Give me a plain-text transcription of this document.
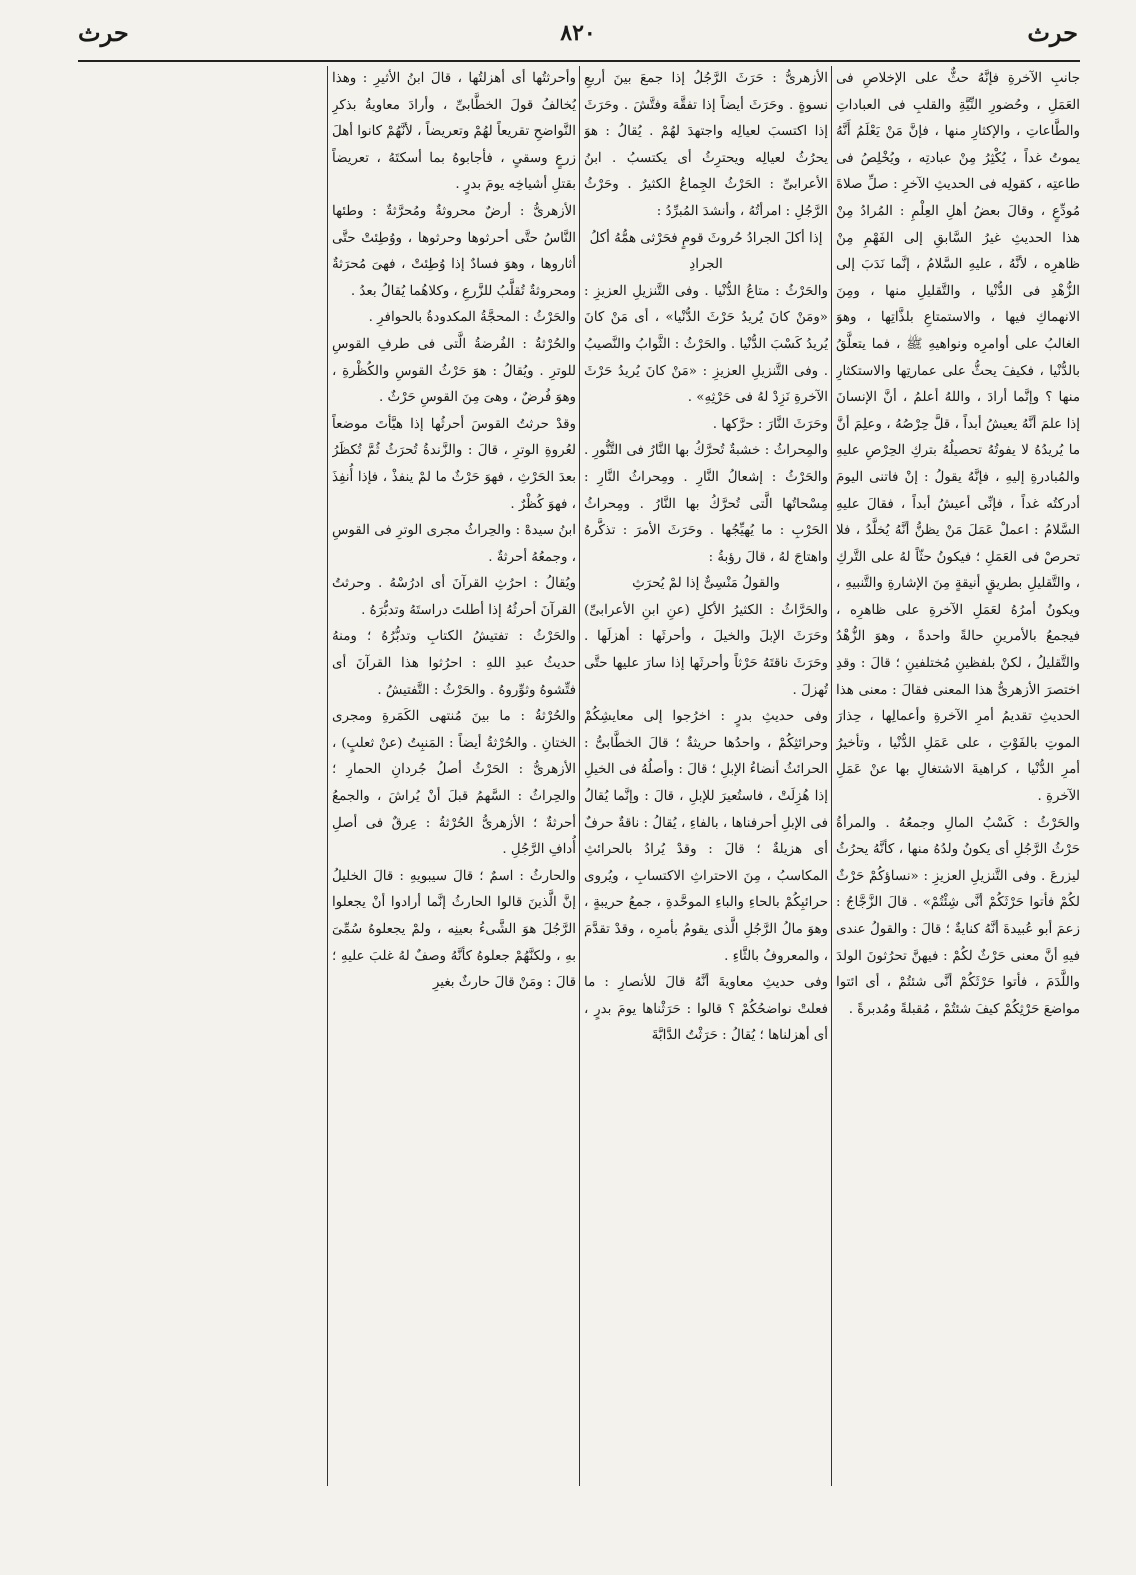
حرث
٨٢٠
حرث

جانبِ الآخرةِ فإنَّهُ حثٌّ على الإخلاصِ فى العَمَلِ ، وحُضورِ النِّيَّةِ والقلبِ فى العباداتِ والطَّاعاتِ ، والإكثارِ منها ، فإنَّ مَنْ يَعْلَمُ أَنَّهُ يموتُ غداً ، يُكْثِرُ مِنْ عبادتِه ، ويُخْلِصُ فى طاعتِه ، كقولِه فى الحديثِ الآخرِ : صلِّ صلاةَ مُودِّعٍ ، وقالَ بعضُ أهلِ العِلْمِ : المُرادُ مِنْ هذا الحديثِ غيرُ السَّابقِ إلى الفَهْمِ مِنْ ظاهرِه ، لأنَّهُ ، عليهِ السَّلامُ ، إنَّما نَدَبَ إلى الزُّهْدِ فى الدُّنْيا ، والتَّقليلِ منها ، ومِنَ الانهماكِ فيها ، والاستمتاعِ بلذَّاتِها ، وهوَ الغالبُ على أوامرِه ونواهيهِ ﷺ ، فما يتعلَّقُ بالدُّنْيا ، فكيفَ يحثُّ على عمارتِها والاستكثارِ منها ؟ وإنَّما أرادَ ، واللهُ أعلمُ ، أنَّ الإنسانَ إذا علمَ أنَّهُ يعيشُ أبداً ، قلَّ حِرْصُهُ ، وعلِمَ أنَّ ما يُريدُهُ لا يفوتُهُ تحصيلُهُ بتركِ الحِرْصِ عليهِ والمُبادرةِ إليهِ ، فإنَّهُ يقولُ : إنْ فاتنى اليومَ أدركتُه غداً ، فإنِّى أعيشُ أبداً ، فقالَ عليهِ السَّلامُ : اعملْ عَمَلَ مَنْ يظنُّ أنَّهُ يُخلَّدُ ، فلا تحرصْ فى العَمَلِ ؛ فيكونُ حثّاً لهُ على التَّركِ ، والتَّقليلِ بطريقٍ أنيقةٍ مِنَ الإشارةِ والتَّنبيهِ ، ويكونُ أمرُهُ لعَمَلِ الآخرةِ على ظاهرِه ، فيجمعُ بالأمرينِ حالةً واحدةً ، وهوَ الزُّهْدُ والتَّقليلُ ، لكنْ بلفظينِ مُختلفينِ ؛ قالَ : وقدِ اختصرَ الأزهرىُّ هذا المعنى فقالَ : معنى هذا الحديثِ تقديمُ أمرِ الآخرةِ وأعمالِها ، حِذارَ الموتِ بالفَوْتِ ، على عَمَلِ الدُّنْيا ، وتأخيرُ أمرِ الدُّنْيا ، كراهيةَ الاشتغالِ بها عنْ عَمَلِ الآخرةِ .

والحَرْثُ : كَسْبُ المالِ وجمعُهُ . والمرأةُ حَرْثُ الرَّجُلِ أى يكونُ ولدُهُ منها ، كأنَّهُ يحرُثُ ليزرعَ . وفى التَّنزيلِ العزيزِ : «نساؤكُمْ حَرْثٌ لكُمْ فأتوا حَرْثَكُمْ أنَّى شِئْتُمْ» . قالَ الزَّجَّاجُ : زعمَ أبو عُبيدةَ أنَّهُ كنايةٌ ؛ قالَ : والقولُ عندى فيهِ أنَّ معنى حَرْثٌ لكُمْ : فيهنَّ تحرُثونَ الولدَ واللَّدَمَ ، فأتوا حَرْثَكُمْ أنَّى شئتُمْ ، أى ائتوا مواضعَ حَرْثِكُمْ كيفَ شئتُمْ ، مُقبلةً ومُدبرةً .

الأزهرىُّ : حَرَثَ الرَّجُلُ إذا جمعَ بينَ أربعِ نسوةٍ . وحَرَثَ أيضاً إذا تفقَّهَ وفتَّشَ . وحَرَثَ إذا اكتسبَ لعيالِه واجتهدَ لهُمْ . يُقالُ : هوَ يحرُثُ لعيالِه ويحترِثُ أى يكتسبُ . ابنُ الأعرابىِّ : الحَرْثُ الجِماعُ الكثيرُ . وحَرْثُ الرَّجُلِ : امرأتُهُ ، وأنشدَ المُبرِّدُ :

إذا أكلَ الجرادُ حُروثَ قومٍ فحَرْثى همُّهُ أكلُ الجرادِ

والحَرْثُ : متاعُ الدُّنْيا . وفى التَّنزيلِ العزيزِ : «ومَنْ كانَ يُريدُ حَرْثَ الدُّنْيا» ، أى مَنْ كانَ يُريدُ كَسْبَ الدُّنْيا . والحَرْثُ : الثَّوابُ والنَّصيبُ . وفى التَّنزيلِ العزيزِ : «مَنْ كانَ يُريدُ حَرْثَ الآخرةِ نَزِدْ لهُ فى حَرْثِهِ» .

وحَرَثَ النَّارَ : حرَّكها .

والمِحراثُ : خشبةٌ تُحرَّكُ بها النَّارُ فى التَّنُّورِ . والحَرْثُ : إشعالُ النَّارِ . ومِحراثُ النَّارِ : مِسْحاتُها الَّتى تُحرَّكُ بها النَّارُ . ومِحراثُ الحَرْبِ : ما يُهيِّجُها . وحَرَثَ الأمرَ : تذكَّرهُ واهتاجَ لهُ ، قالَ رؤبةُ :

والقولُ مَنْسِىٌّ إذا لمْ يُحرَثِ

والحَرَّاثُ : الكثيرُ الأكلِ (عنِ ابنِ الأعرابىِّ) وحَرَثَ الإبلَ والخيلَ ، وأحرثَها : أهزلَها . وحَرَثَ ناقتَهُ حَرْثاً وأحرثَها إذا سارَ عليها حتَّى تُهزلَ .

وفى حديثِ بدرٍ : اخرُجوا إلى معايشِكُمْ وحرائثِكُمْ ، واحدُها حريثةٌ ؛ قالَ الخطَّابىُّ : الحرائثُ أنضاءُ الإبلِ ؛ قالَ : وأصلُهُ فى الخيلِ إذا هُزِلَتْ ، فاستُعيرَ للإبلِ ، قالَ : وإنَّما يُقالُ فى الإبلِ أحرفناها ، بالفاءِ ، يُقالُ : ناقةٌ حرفٌ أى هزيلةٌ ؛ قالَ : وقدْ يُرادُ بالحرائثِ المكاسبُ ، مِنَ الاحتراثِ الاكتسابِ ، ويُروى حرائبِكُمْ بالحاءِ والباءِ الموحَّدةِ ، جمعُ حريبةٍ ، وهوَ مالُ الرَّجُلِ الَّذى يقومُ بأمرِه ، وقدْ تقدَّمَ ، والمعروفُ بالثَّاءِ .

وفى حديثِ معاويةَ أنَّهُ قالَ للأنصارِ : ما فعلتْ نواضحُكُمْ ؟ قالوا : حَرَثْناها يومَ بدرٍ ، أى أهزلناها ؛ يُقالُ : حَرَثْتُ الدَّابَّةَ

وأحرثتُها أى أهزلتُها ، قالَ ابنُ الأثيرِ : وهذا يُخالفُ قولَ الخطَّابىِّ ، وأرادَ معاويةُ بذكرِ النَّواضحِ تقريعاً لهُمْ وتعريضاً ، لأنَّهُمْ كانوا أهلَ زرعٍ وسقىٍ ، فأجابوهُ بما أسكتَهُ ، تعريضاً بقتلِ أشياخِه يومَ بدرٍ .

الأزهرىُّ : أرضٌ محروثةٌ ومُحرَّثةٌ : وطئها النَّاسُ حتَّى أحرثوها وحرثوها ، ووُطِئتْ حتَّى أثاروها ، وهوَ فسادٌ إذا وُطِئتْ ، فهىَ مُحرَثةٌ ومحروثةٌ تُقلَّبُ للزَّرعِ ، وكلاهُما يُقالُ بعدُ .

والحَرْثُ : المحجَّةُ المكدودةُ بالحوافرِ .

والحُرْثةُ : الفُرضةُ الَّتى فى طرفِ القوسِ للوترِ . ويُقالُ : هوَ حَرْثُ القوسِ والكُظْرةِ ، وهوَ فُرضٌ ، وهىَ مِنَ القوسِ حَرْثٌ .

وقدْ حرثتُ القوسَ أحرثُها إذا هيَّأتَ موضعاً لعُروةِ الوترِ ، قالَ : والزَّندةُ تُحرَثُ ثُمَّ تُكظَرُ بعدَ الحَرْثِ ، فهوَ حَرْثٌ ما لمْ ينفذْ ، فإذا أُنفِذَ ، فهوَ كُظْرٌ .

ابنُ سيدهْ : والحِراثُ مجرى الوترِ فى القوسِ ، وجمعُهُ أحرثةٌ .

ويُقالُ : احرُثِ القرآنَ أى ادرُسْهُ . وحرثتُ القرآنَ أحرثُهُ إذا أطلتَ دراستَهُ وتدبُّرَهُ .

والحَرْثُ : تفتيشُ الكتابِ وتدبُّرُهُ ؛ ومنهُ حديثُ عبدِ اللهِ : احرُثوا هذا القرآنَ أى فتِّشوهُ وثوِّروهُ . والحَرْثُ : التَّفتيشُ .

والحُرْثةُ : ما بينَ مُنتهى الكَمَرةِ ومجرى الختانِ . والحُرْثةُ أيضاً : المَنبِتُ (عنْ ثعلبٍ) ، الأزهرىُّ : الحَرْثُ أصلُ جُردانِ الحمارِ ؛ والحِراثُ : السَّهمُ قبلَ أنْ يُراشَ ، والجمعُ أحرثةٌ ؛ الأزهرىُّ الحُرْثةُ : عِرقٌ فى أصلِ أُدافِ الرَّجُلِ .

والحارثُ : اسمٌ ؛ قالَ سيبويهِ : قالَ الخليلُ إنَّ الَّذينَ قالوا الحارثُ إنَّما أرادوا أنْ يجعلوا الرَّجُلَ هوَ الشَّىءُ بعينِه ، ولمْ يجعلوهُ سُمِّىَ بهِ ، ولكنَّهُمْ جعلوهُ كأنَّهُ وصفٌ لهُ غلبَ عليهِ ؛ قالَ : ومَنْ قالَ حارثٌ بغيرِ
